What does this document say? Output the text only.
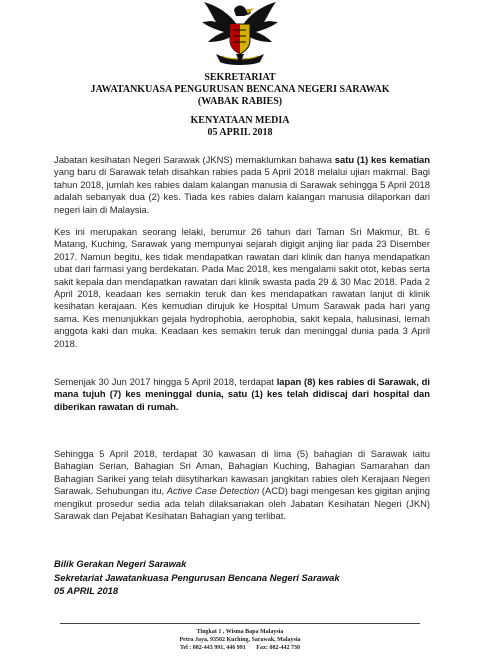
SEKRETARIAT
JAWATANKUASA PENGURUSAN BENCANA NEGERI SARAWAK
(WABAK RABIES)
KENYATAAN MEDIA
05 APRIL 2018
Jabatan kesihatan Negeri Sarawak (JKNS) memaklumkan bahawa satu (1) kes kematian yang baru di Sarawak telah disahkan rabies pada 5 April 2018 melalui ujian makmal. Bagi tahun 2018, jumlah kes rabies dalam kalangan manusia di Sarawak sehingga 5 April 2018 adalah sebanyak dua (2) kes. Tiada kes rabies dalam kalangan manusia dilaporkan dari negeri lain di Malaysia.
Kes ini merupakan seorang lelaki, berumur 26 tahun dari Taman Sri Makmur, Bt. 6 Matang, Kuching, Sarawak yang mempunyai sejarah digigit anjing liar pada 23 Disember 2017. Namun begitu, kes tidak mendapatkan rawatan dari klinik dan hanya mendapatkan ubat dari farmasi yang berdekatan. Pada Mac 2018, kes mengalami sakit otot, kebas serta sakit kepala dan mendapatkan rawatan dari klinik swasta pada 29 & 30 Mac 2018. Pada 2 April 2018, keadaan kes semakin teruk dan kes mendapatkan rawatan lanjut di klinik kesihatan kerajaan. Kes kemudian dirujuk ke Hospital Umum Sarawak pada hari yang sama. Kes menunjukkan gejala hydrophobia, aerophobia, sakit kepala, halusinasi, lemah anggota kaki dan muka. Keadaan kes semakin teruk dan meninggal dunia pada 3 April 2018.
Semenjak 30 Jun 2017 hingga 5 April 2018, terdapat lapan (8) kes rabies di Sarawak, di mana tujuh (7) kes meninggal dunia, satu (1) kes telah didiscaj dari hospital dan diberikan rawatan di rumah.
Sehingga 5 April 2018, terdapat 30 kawasan di lima (5) bahagian di Sarawak iaitu Bahagian Serian, Bahagian Sri Aman, Bahagian Kuching, Bahagian Samarahan dan Bahagian Sarikei yang telah diisytiharkan kawasan jangkitan rabies oleh Kerajaan Negeri Sarawak. Sehubungan itu, Active Case Detection (ACD) bagi mengesan kes gigitan anjing mengikut prosedur sedia ada telah dilaksanakan oleh Jabatan Kesihatan Negeri (JKN) Sarawak dan Pejabat Kesihatan Bahagian yang terlibat.
Bilik Gerakan Negeri Sarawak
Sekretariat Jawatankuasa Pengurusan Bencana Negeri Sarawak
05 APRIL 2018
Tingkat 1 , Wisma Bapa Malaysia
Petra Jaya, 93502 Kuching, Sarawak, Malaysia
Tel : 082-443 991, 446 991       Fax: 082-442 730
